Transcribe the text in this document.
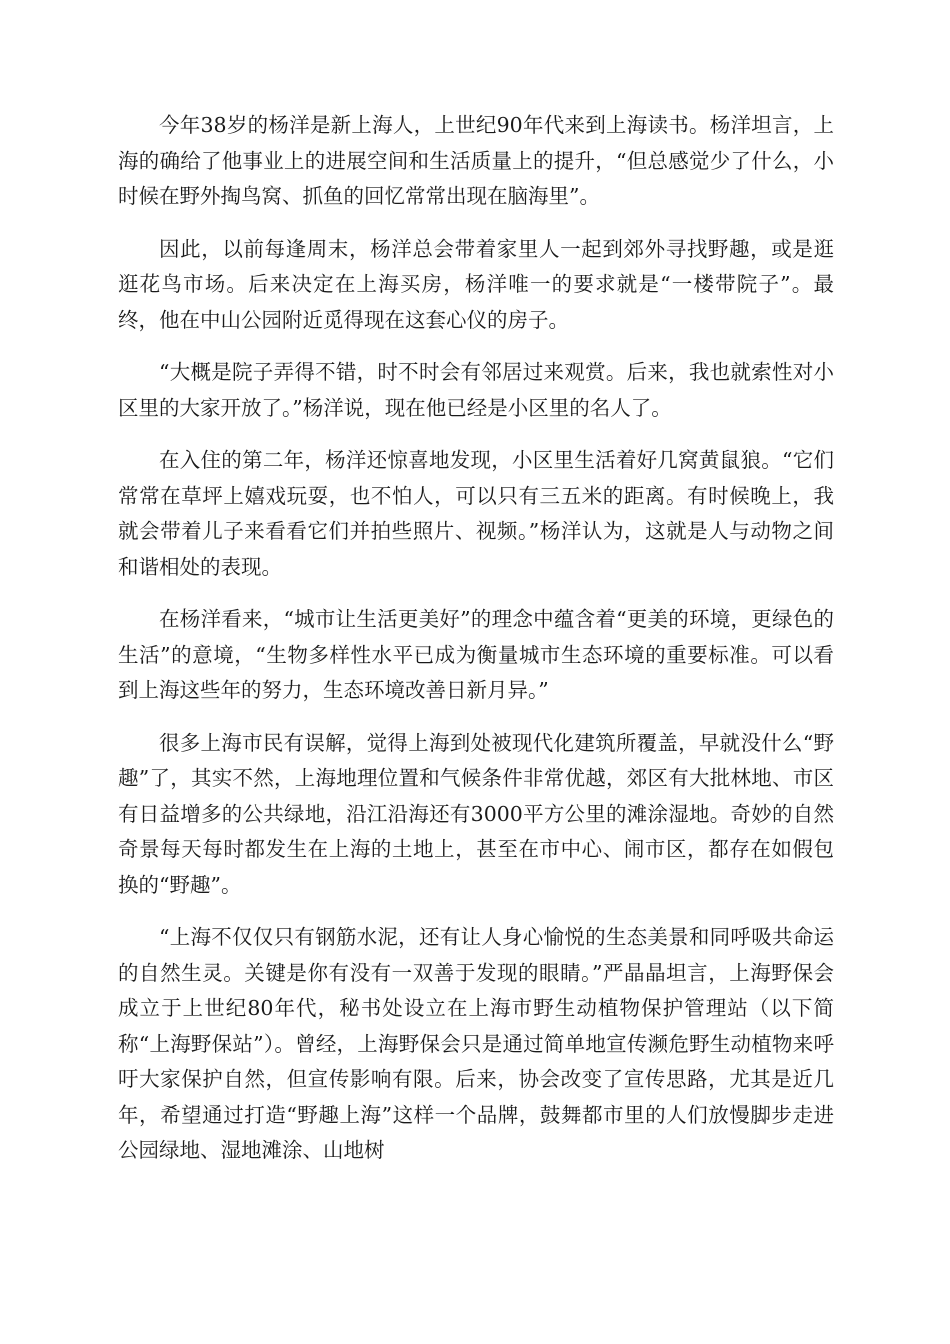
今年38岁的杨洋是新上海人，上世纪90年代来到上海读书。杨洋坦言，上海的确给了他事业上的进展空间和生活质量上的提升，“但总感觉少了什么，小时候在野外掏鸟窝、抓鱼的回忆常常出现在脑海里”。

因此，以前每逢周末，杨洋总会带着家里人一起到郊外寻找野趣，或是逛逛花鸟市场。后来决定在上海买房，杨洋唯一的要求就是“一楼带院子”。最终，他在中山公园附近觅得现在这套心仪的房子。

“大概是院子弄得不错，时不时会有邻居过来观赏。后来，我也就索性对小区里的大家开放了。”杨洋说，现在他已经是小区里的名人了。

在入住的第二年，杨洋还惊喜地发现，小区里生活着好几窝黄鼠狼。“它们常常在草坪上嬉戏玩耍，也不怕人，可以只有三五米的距离。有时候晚上，我就会带着儿子来看看它们并拍些照片、视频。”杨洋认为，这就是人与动物之间和谐相处的表现。

在杨洋看来，“城市让生活更美好”的理念中蕴含着“更美的环境，更绿色的生活”的意境，“生物多样性水平已成为衡量城市生态环境的重要标准。可以看到上海这些年的努力，生态环境改善日新月异。”

很多上海市民有误解，觉得上海到处被现代化建筑所覆盖，早就没什么“野趣”了，其实不然，上海地理位置和气候条件非常优越，郊区有大批林地、市区有日益增多的公共绿地，沿江沿海还有3000平方公里的滩涂湿地。奇妙的自然奇景每天每时都发生在上海的土地上，甚至在市中心、闹市区，都存在如假包换的“野趣”。

“上海不仅仅只有钢筋水泥，还有让人身心愉悦的生态美景和同呼吸共命运的自然生灵。关键是你有没有一双善于发现的眼睛。”严晶晶坦言，上海野保会成立于上世纪80年代，秘书处设立在上海市野生动植物保护管理站（以下简称“上海野保站”）。曾经，上海野保会只是通过简单地宣传濒危野生动植物来呼吁大家保护自然，但宣传影响有限。后来，协会改变了宣传思路，尤其是近几年，希望通过打造“野趣上海”这样一个品牌，鼓舞都市里的人们放慢脚步走进公园绿地、湿地滩涂、山地树
